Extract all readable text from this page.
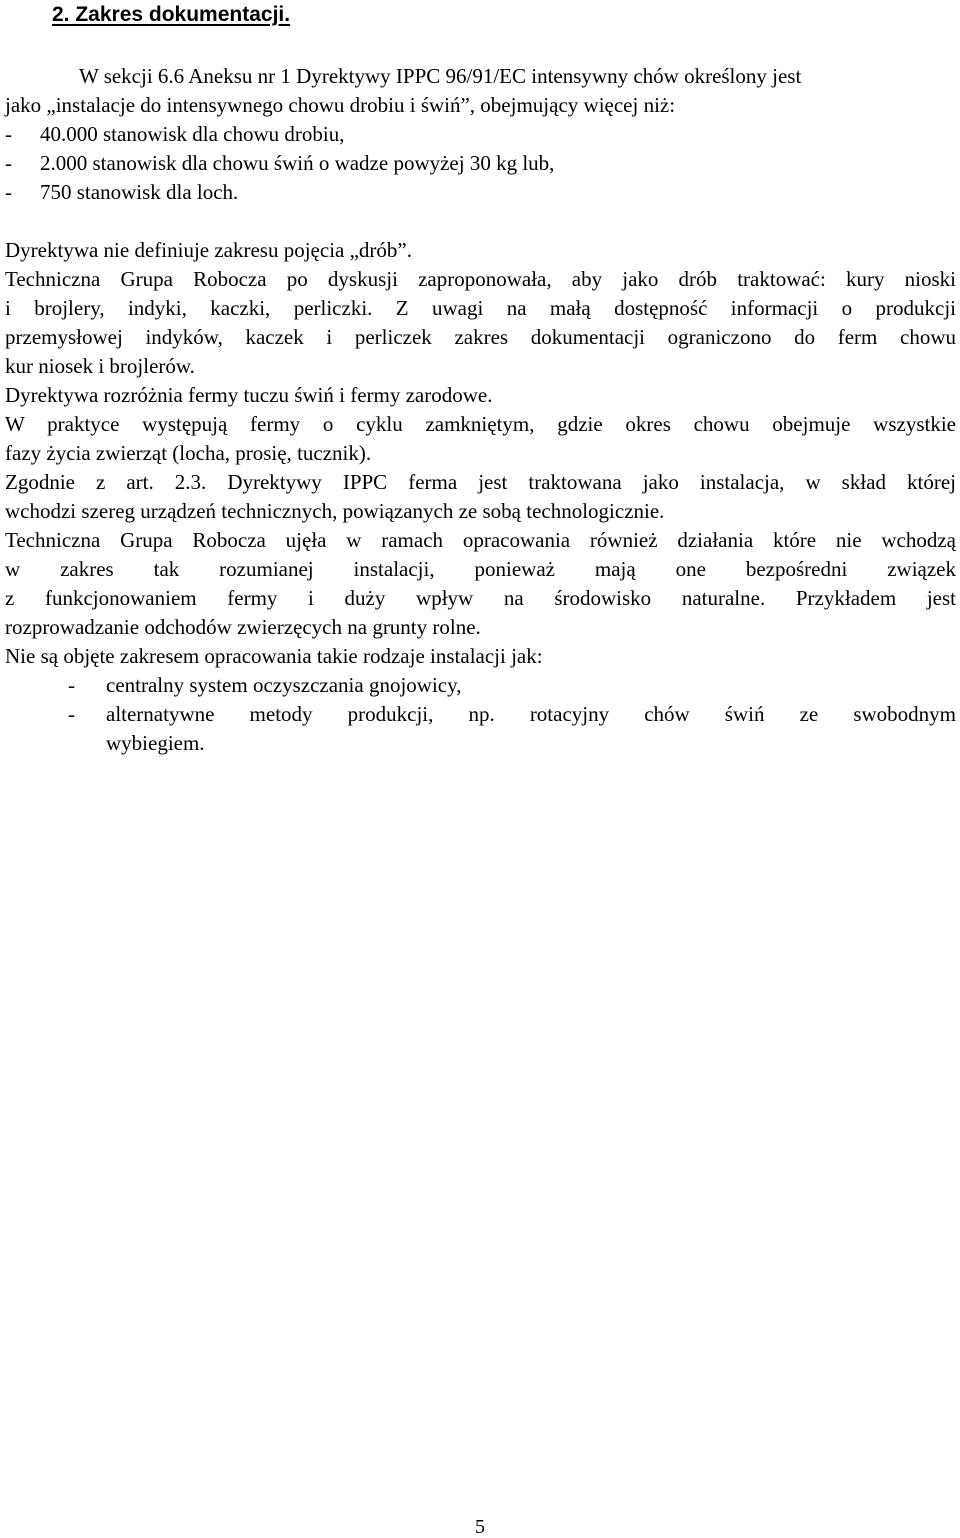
2. Zakres dokumentacji.
W sekcji 6.6 Aneksu nr 1 Dyrektywy IPPC 96/91/EC intensywny chów określony jest
jako „instalacje do intensywnego chowu drobiu i świń”, obejmujący więcej niż:
- 40.000 stanowisk dla chowu drobiu,
- 2.000 stanowisk dla chowu świń o wadze powyżej 30 kg lub,
- 750 stanowisk dla loch.
Dyrektywa nie definiuje zakresu pojęcia „drób”.
Techniczna Grupa Robocza po dyskusji zaproponowała, aby jako drób traktować: kury nioski
i brojlery, indyki, kaczki, perliczki. Z uwagi na małą dostępność informacji o produkcji
przemysłowej indyków, kaczek i perliczek zakres dokumentacji ograniczono do ferm chowu
kur niosek i brojlerów.
Dyrektywa rozróżnia fermy tuczu świń i fermy zarodowe.
W praktyce występują fermy o cyklu zamkniętym, gdzie okres chowu obejmuje wszystkie
fazy życia zwierząt (locha, prosię, tucznik).
Zgodnie z art. 2.3. Dyrektywy IPPC ferma jest traktowana jako instalacja, w skład której
wchodzi szereg urządzeń technicznych, powiązanych ze sobą technologicznie.
Techniczna Grupa Robocza ujęła w ramach opracowania również działania które nie wchodzą
w zakres tak rozumianej instalacji, ponieważ mają one bezpośredni związek
z funkcjonowaniem fermy i duży wpływ na środowisko naturalne. Przykładem jest
rozprowadzanie odchodów zwierzęcych na grunty rolne.
Nie są objęte zakresem opracowania takie rodzaje instalacji jak:
- centralny system oczyszczania gnojowicy,
- alternatywne metody produkcji, np. rotacyjny chów świń ze swobodnym
wybiegiem.
5
